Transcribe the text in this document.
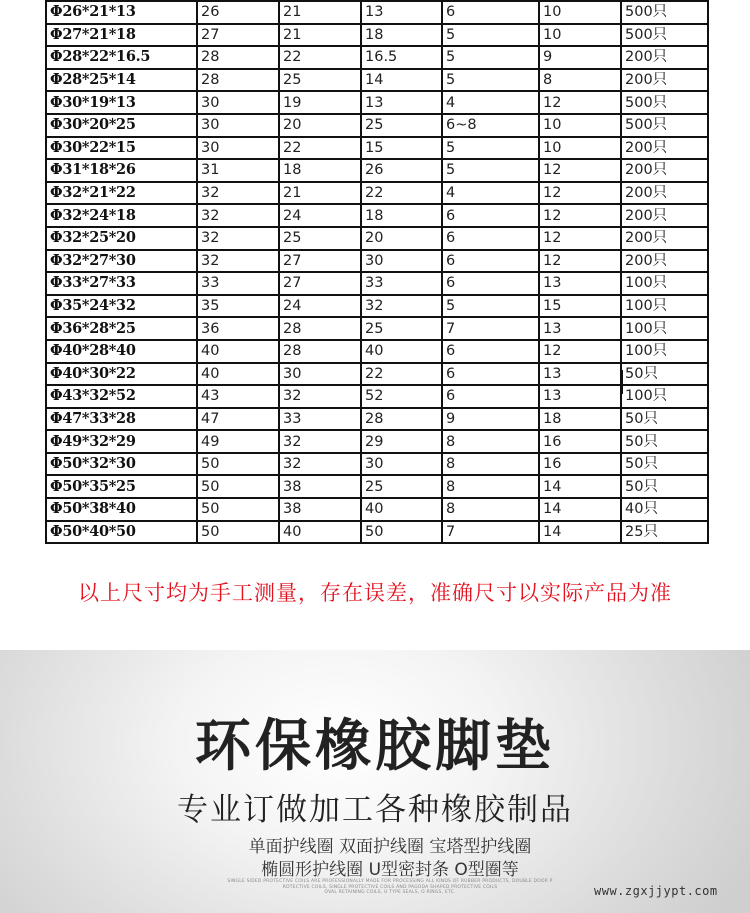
Φ26*21*13	26	21	13	6	10	500只
Φ27*21*18	27	21	18	5	10	500只
Φ28*22*16.5	28	22	16.5	5	9	200只
Φ28*25*14	28	25	14	5	8	200只
Φ30*19*13	30	19	13	4	12	500只
Φ30*20*25	30	20	25	6~8	10	500只
Φ30*22*15	30	22	15	5	10	200只
Φ31*18*26	31	18	26	5	12	200只
Φ32*21*22	32	21	22	4	12	200只
Φ32*24*18	32	24	18	6	12	200只
Φ32*25*20	32	25	20	6	12	200只
Φ32*27*30	32	27	30	6	12	200只
Φ33*27*33	33	27	33	6	13	100只
Φ35*24*32	35	24	32	5	15	100只
Φ36*28*25	36	28	25	7	13	100只
Φ40*28*40	40	28	40	6	12	100只
Φ40*30*22	40	30	22	6	13	50只
Φ43*32*52	43	32	52	6	13	100只
Φ47*33*28	47	33	28	9	18	50只
Φ49*32*29	49	32	29	8	16	50只
Φ50*32*30	50	32	30	8	16	50只
Φ50*35*25	50	38	25	8	14	50只
Φ50*38*40	50	38	40	8	14	40只
Φ50*40*50	50	40	50	7	14	25只
以上尺寸均为手工测量，存在误差，准确尺寸以实际产品为准
环保橡胶脚垫
专业订做加工各种橡胶制品
单面护线圈 双面护线圈 宝塔型护线圈
椭圆形护线圈 U型密封条 O型圈等
SINGLE SIDED PROTECTIVE COILS ARE PROFESSIONALLY MADE FOR PROCESSING ALL KINDS OF RUBBER PRODUCTS, DOUBLE DOOR P
ROTECTIVE COILS, SINGLE PROTECTIVE COILS AND PAGODA SHAPED PROTECTIVE COILS
OVAL RETAINING COILS, U TYPE SEALS, O RINGS, ETC.	www.zgxjjypt.com
